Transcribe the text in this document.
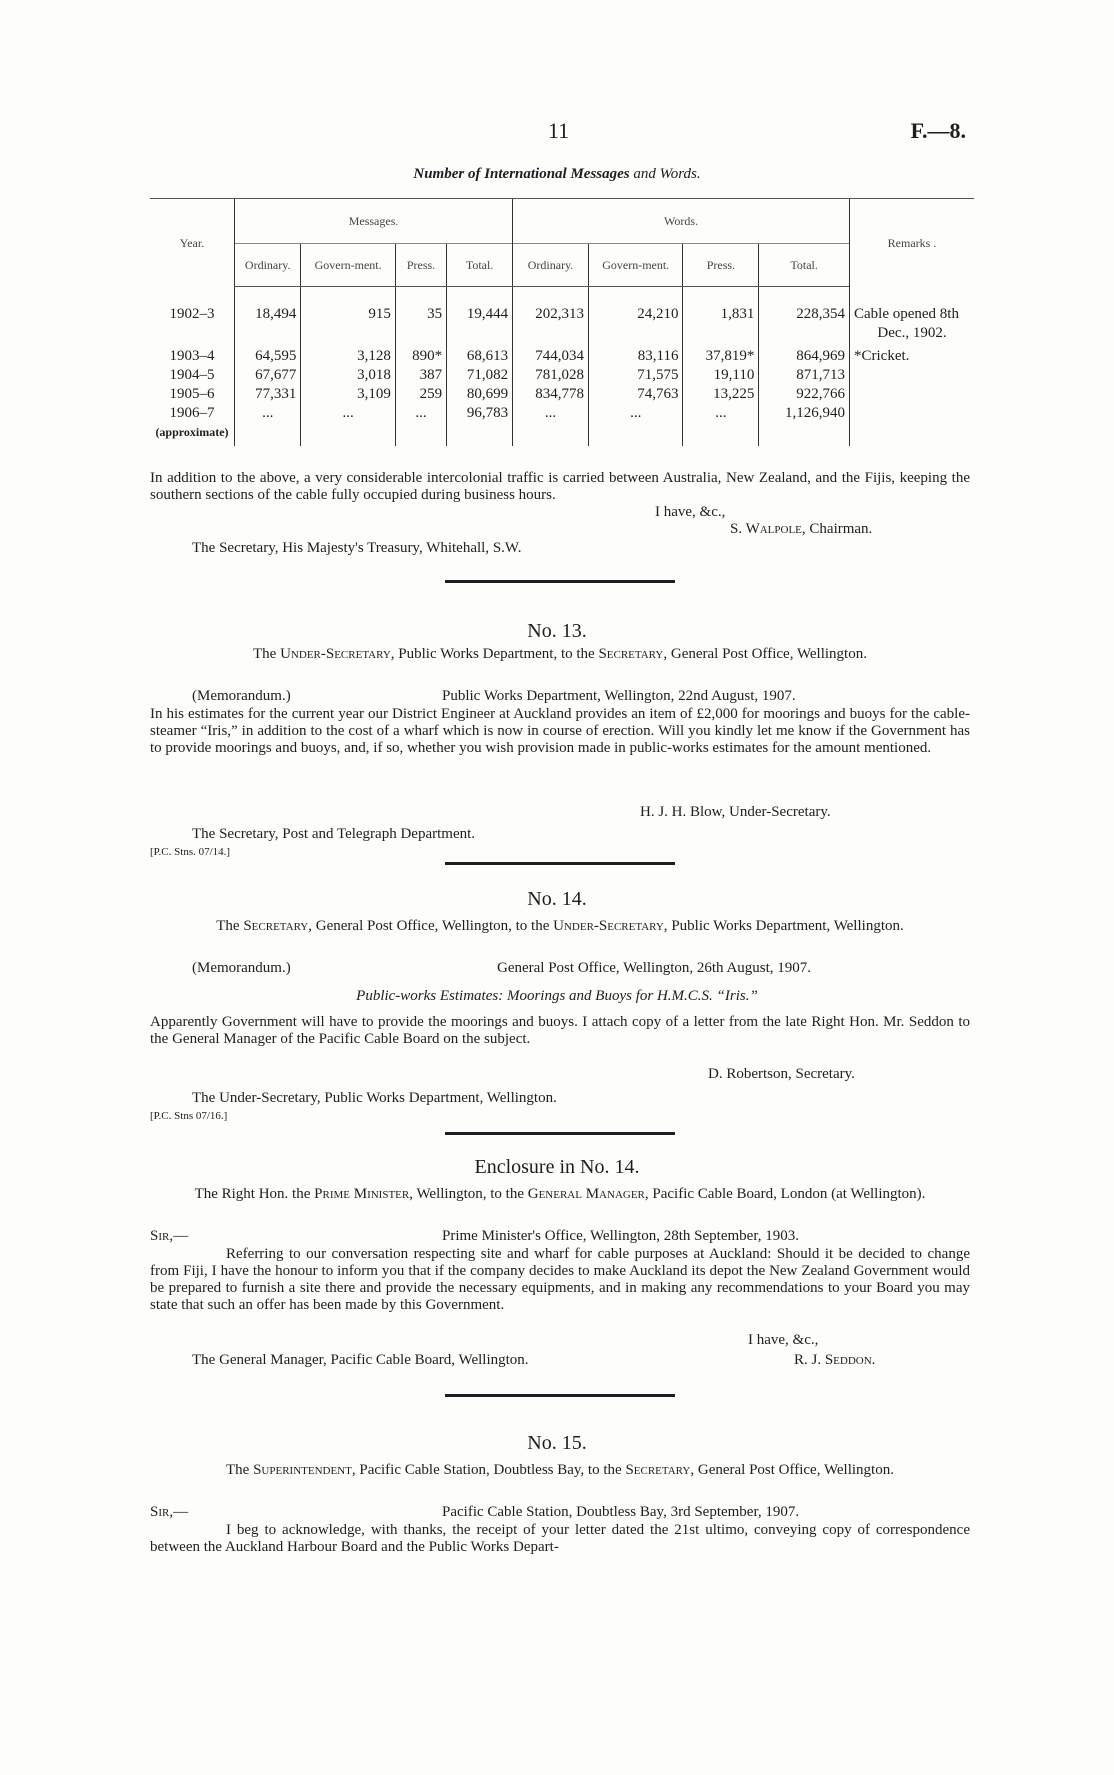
11	F.—8.
Number of International Messages and Words.
Year.	Messages.				Words.				Remarks .
	Ordinary.	Govern-ment.	Press.	Total.	Ordinary.	Govern-ment.	Press.	Total.	
1902–3	18,494	915	35	19,444	202,313	24,210	1,831	228,354	Cable opened 8th
									Dec., 1902.
1903–4	64,595	3,128	890*	68,613	744,034	83,116	37,819*	864,969	*Cricket.
1904–5	67,677	3,018	387	71,082	781,028	71,575	19,110	871,713	
1905–6	77,331	3,109	259	80,699	834,778	74,763	13,225	922,766	
1906–7	...	...	...	96,783	...	...	...	1,126,940	
(approximate)									

In addition to the above, a very considerable intercolonial traffic is carried between Australia, New Zealand, and the Fijis, keeping the southern sections of the cable fully occupied during business hours.

I have, &c.,

S. Walpole, Chairman.

The Secretary, His Majesty's Treasury, Whitehall, S.W.

No. 13.

The Under-Secretary, Public Works Department, to the Secretary, General Post Office, Wellington.

(Memorandum.)	Public Works Department, Wellington, 22nd August, 1907.

In his estimates for the current year our District Engineer at Auckland provides an item of £2,000 for moorings and buoys for the cable-steamer “Iris,” in addition to the cost of a wharf which is now in course of erection. Will you kindly let me know if the Government has to provide moorings and buoys, and, if so, whether you wish provision made in public-works estimates for the amount mentioned.

H. J. H. Blow, Under-Secretary.

The Secretary, Post and Telegraph Department.

[P.C. Stns. 07/14.]

No. 14.

The Secretary, General Post Office, Wellington, to the Under-Secretary, Public Works Department, Wellington.

(Memorandum.)	General Post Office, Wellington, 26th August, 1907.

Public-works Estimates: Moorings and Buoys for H.M.C.S. “Iris.”

Apparently Government will have to provide the moorings and buoys. I attach copy of a letter from the late Right Hon. Mr. Seddon to the General Manager of the Pacific Cable Board on the subject.

D. Robertson, Secretary.

The Under-Secretary, Public Works Department, Wellington.

[P.C. Stns 07/16.]

Enclosure in No. 14.

The Right Hon. the Prime Minister, Wellington, to the General Manager, Pacific Cable Board, London (at Wellington).

Sir,—	Prime Minister's Office, Wellington, 28th September, 1903.

Referring to our conversation respecting site and wharf for cable purposes at Auckland: Should it be decided to change from Fiji, I have the honour to inform you that if the company decides to make Auckland its depot the New Zealand Government would be prepared to furnish a site there and provide the necessary equipments, and in making any recommendations to your Board you may state that such an offer has been made by this Government.

I have, &c.,

The General Manager, Pacific Cable Board, Wellington.	R. J. Seddon.

No. 15.

The Superintendent, Pacific Cable Station, Doubtless Bay, to the Secretary, General Post Office, Wellington.

Sir,—	Pacific Cable Station, Doubtless Bay, 3rd September, 1907.

I beg to acknowledge, with thanks, the receipt of your letter dated the 21st ultimo, conveying copy of correspondence between the Auckland Harbour Board and the Public Works Depart-
